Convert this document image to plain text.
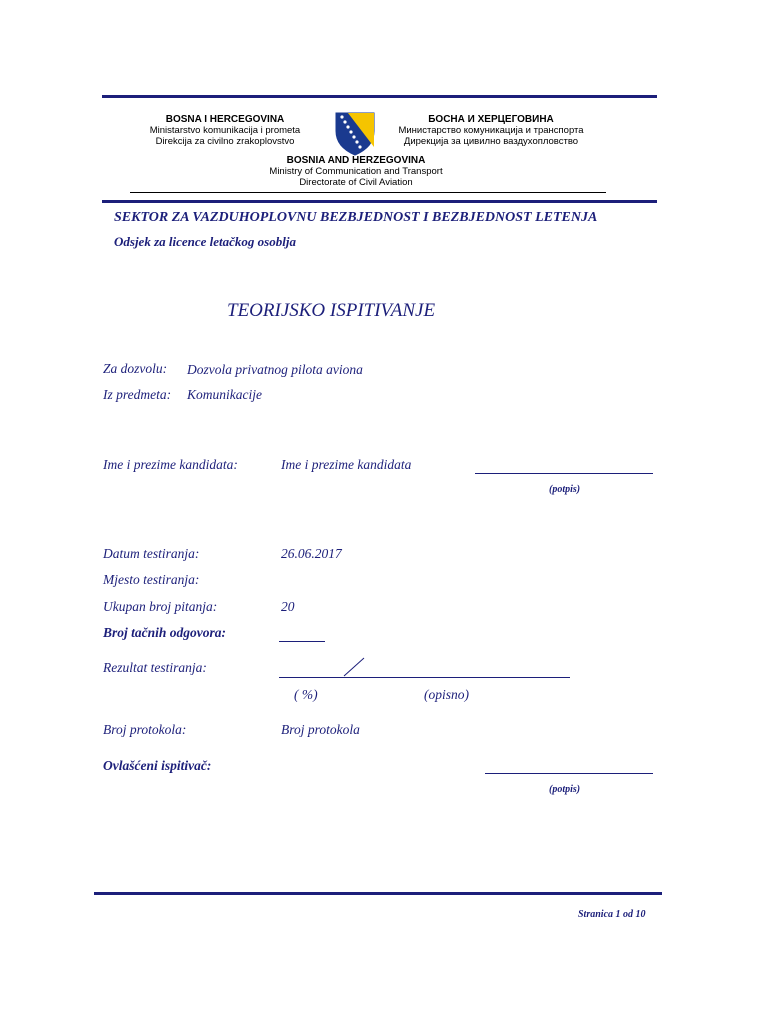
BOSNA I HERCEGOVINA
Ministarstvo komunikacija i prometa
Direkcija za civilno zrakoplovstvo
БОСНА И ХЕРЦЕГОВИНА
Министарство комуникација и транспорта
Дирекција за цивилно ваздухопловство
BOSNIA AND HERZEGOVINA
Ministry of Communication and Transport
Directorate of Civil Aviation
SEKTOR ZA VAZDUHOPLOVNU BEZBJEDNOST I BEZBJEDNOST LETENJA
Odsjek za licence letačkog osoblja
TEORIJSKO ISPITIVANJE
Za dozvolu: Dozvola privatnog pilota aviona
Iz predmeta: Komunikacije
Ime i prezime kandidata:	Ime i prezime kandidata
(potpis)
Datum testiranja:	26.06.2017
Mjesto testiranja:
Ukupan broj pitanja:	20
Broj tačnih odgovora:
Rezultat testiranja:
( %)	(opisno)
Broj protokola:	Broj protokola
Ovlašćeni ispitivač:
(potpis)
Stranica 1 od 10
